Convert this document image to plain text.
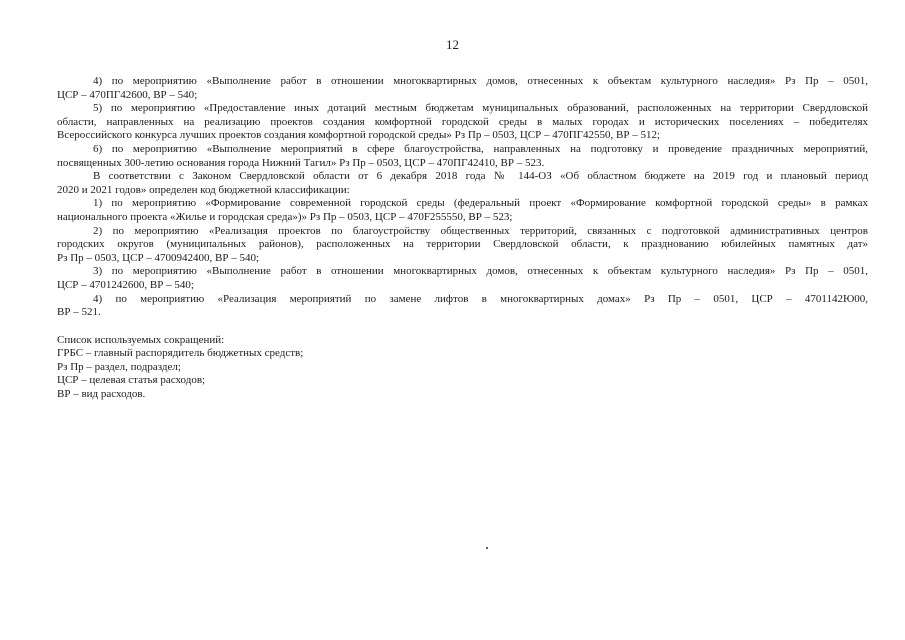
12
4) по мероприятию «Выполнение работ в отношении многоквартирных домов, отнесенных к объектам культурного наследия» Рз Пр – 0501,
ЦСР – 470ПГ42600, ВР – 540;
5) по мероприятию «Предоставление иных дотаций местным бюджетам муниципальных образований, расположенных на территории Свердловской
области, направленных на реализацию проектов создания комфортной городской среды в малых городах и исторических поселениях – победителях
Всероссийского конкурса лучших проектов создания комфортной городской среды» Рз Пр – 0503, ЦСР – 470ПГ42550, ВР – 512;
6) по мероприятию «Выполнение мероприятий в сфере благоустройства, направленных на подготовку и проведение праздничных мероприятий,
посвященных 300-летию основания города Нижний Тагил» Рз Пр – 0503, ЦСР – 470ПГ42410, ВР – 523.
В соответствии с Законом Свердловской области от 6 декабря 2018 года № 144-ОЗ «Об областном бюджете на 2019 год и плановый период
2020 и 2021 годов» определен код бюджетной классификации:
1) по мероприятию «Формирование современной городской среды (федеральный проект «Формирование комфортной городской среды» в рамках
национального проекта «Жилье и городская среда»)» Рз Пр – 0503, ЦСР – 470F255550, ВР – 523;
2) по мероприятию «Реализация проектов по благоустройству общественных территорий, связанных с подготовкой административных центров
городских округов (муниципальных районов), расположенных на территории Свердловской области, к празднованию юбилейных памятных дат»
Рз Пр – 0503, ЦСР – 4700942400, ВР – 540;
3) по мероприятию «Выполнение работ в отношении многоквартирных домов, отнесенных к объектам культурного наследия» Рз Пр – 0501,
ЦСР – 4701242600, ВР – 540;
4) по мероприятию «Реализация мероприятий по замене лифтов в многоквартирных домах» Рз Пр – 0501, ЦСР – 4701142Ю00,
ВР – 521.
Список используемых сокращений:
ГРБС – главный распорядитель бюджетных средств;
Рз Пр – раздел, подраздел;
ЦСР – целевая статья расходов;
ВР – вид расходов.
